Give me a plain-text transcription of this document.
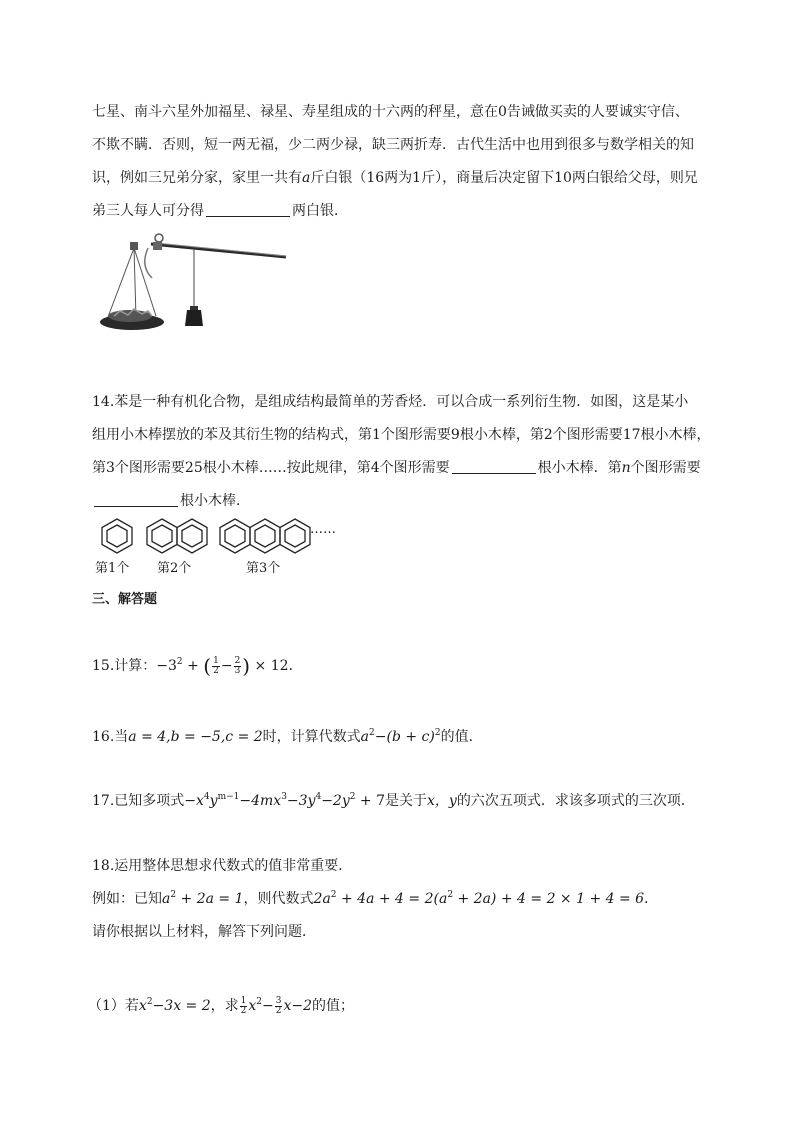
七星、南斗六星外加福星、禄星、寿星组成的十六两的秤星，意在0告诫做买卖的人要诚实守信、
不欺不瞒．否则，短一两无福，少二两少禄，缺三两折寿．古代生活中也用到很多与数学相关的知
识，例如三兄弟分家，家里一共有a斤白银（16两为1斤），商量后决定留下10两白银给父母，则兄
弟三人每人可分得	两白银．
14.苯是一种有机化合物，是组成结构最简单的芳香烃．可以合成一系列衍生物．如图，这是某小
组用小木棒摆放的苯及其衍生物的结构式，第1个图形需要9根小木棒，第2个图形需要17根小木棒，
第3个图形需要25根小木棒……按此规律，第4个图形需要	根小木棒．第n个图形需要
根小木棒．
……
第1个 第2个	第3个
三、解答题
15.计算：$-3^2$ + ( $\frac{1}{2} - \frac{2}{3}$ ) × 12．
16.当a = 4,b = −5,c = 2时，计算代数式$a^2-(b + c)^2$的值．
17.已知多项式$-x^4y^{m-1}-4mx^3-3y^4-2y^2 + 7$是关于x，y的六次五项式．求该多项式的三次项．
18.运用整体思想求代数式的值非常重要．
例如：已知$a^2 + 2a = 1$，则代数式$2a^2 + 4a + 4 = 2(a^2 + 2a) + 4 = 2 \times 1 + 4 = 6$．
请你根据以上材料，解答下列问题．
（1）若$x^2-3x = 2$，求 $\frac{1}{2} x^2- \frac{3}{2} x-2$的值；
